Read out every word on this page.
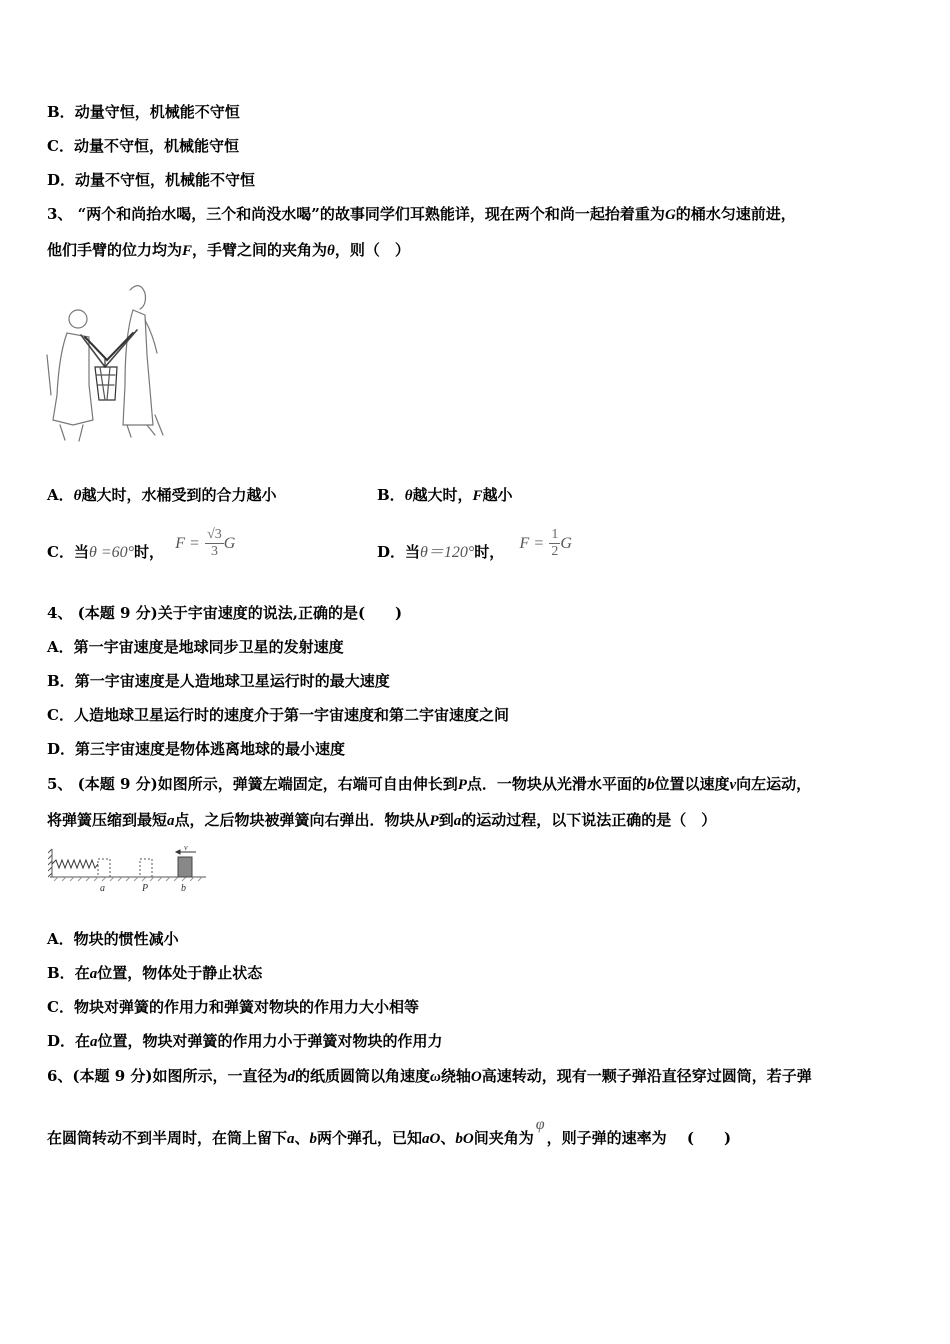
B．动量守恒，机械能不守恒
C．动量不守恒，机械能守恒
D．动量不守恒，机械能不守恒
3、 “两个和尚抬水喝，三个和尚没水喝”的故事同学们耳熟能详，现在两个和尚一起抬着重为G的桶水匀速前进，
他们手臂的位力均为F，手臂之间的夹角为θ，则（　）
A．θ越大时，水桶受到的合力越小	B．θ越大时，F越小
C．当θ =60°时， $F = \frac{√3}{3}$ G	D．当θ＝120°时， $F = \frac{1}{2}$ G
4、 (本题 9 分)关于宇宙速度的说法,正确的是(　　)
A．第一宇宙速度是地球同步卫星的发射速度
B．第一宇宙速度是人造地球卫星运行时的最大速度
C．人造地球卫星运行时的速度介于第一宇宙速度和第二宇宙速度之间
D．第三宇宙速度是物体逃离地球的最小速度
5、 (本题 9 分)如图所示，弹簧左端固定，右端可自由伸长到P点．一物块从光滑水平面的b位置以速度v向左运动，
将弹簧压缩到最短a点，之后物块被弹簧向右弹出．物块从P到a的运动过程，以下说法正确的是（　）
a	P	b
v
A．物块的惯性减小
B．在a位置，物体处于静止状态
C．物块对弹簧的作用力和弹簧对物块的作用力大小相等
D．在a位置，物块对弹簧的作用力小于弹簧对物块的作用力
6、(本题 9 分)如图所示，一直径为d的纸质圆筒以角速度ω绕轴O高速转动，现有一颗子弹沿直径穿过圆筒，若子弹
在圆筒转动不到半周时，在筒上留下a、b两个弹孔，已知aO、bO间夹角为φ，则子弹的速率为　 (　　)
